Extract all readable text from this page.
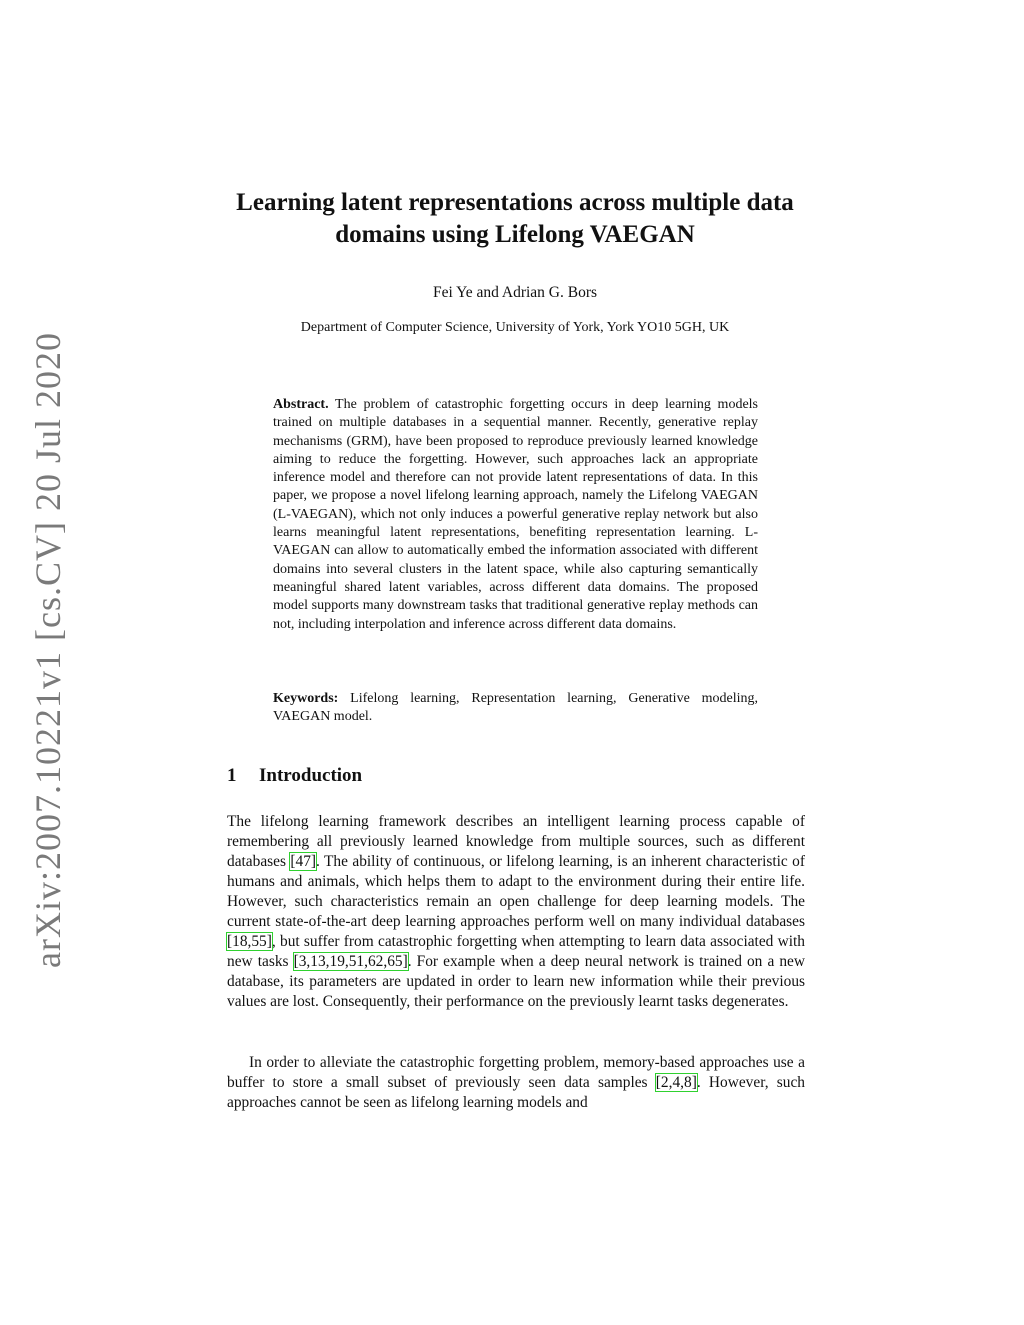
arXiv:2007.10221v1 [cs.CV] 20 Jul 2020
Learning latent representations across multiple data domains using Lifelong VAEGAN

Fei Ye and Adrian G. Bors

Department of Computer Science, University of York, York YO10 5GH, UK

Abstract. The problem of catastrophic forgetting occurs in deep learning models trained on multiple databases in a sequential manner. Recently, generative replay mechanisms (GRM), have been proposed to reproduce previously learned knowledge aiming to reduce the forgetting. However, such approaches lack an appropriate inference model and therefore can not provide latent representations of data. In this paper, we propose a novel lifelong learning approach, namely the Lifelong VAEGAN (L-VAEGAN), which not only induces a powerful generative replay network but also learns meaningful latent representations, benefiting representation learning. L-VAEGAN can allow to automatically embed the information associated with different domains into several clusters in the latent space, while also capturing semantically meaningful shared latent variables, across different data domains. The proposed model supports many downstream tasks that traditional generative replay methods can not, including interpolation and inference across different data domains.

Keywords: Lifelong learning, Representation learning, Generative modeling, VAEGAN model.

1 Introduction

The lifelong learning framework describes an intelligent learning process capable of remembering all previously learned knowledge from multiple sources, such as different databases [47]. The ability of continuous, or lifelong learning, is an inherent characteristic of humans and animals, which helps them to adapt to the environment during their entire life. However, such characteristics remain an open challenge for deep learning models. The current state-of-the-art deep learning approaches perform well on many individual databases [18,55], but suffer from catastrophic forgetting when attempting to learn data associated with new tasks [3,13,19,51,62,65]. For example when a deep neural network is trained on a new database, its parameters are updated in order to learn new information while their previous values are lost. Consequently, their performance on the previously learnt tasks degenerates.

In order to alleviate the catastrophic forgetting problem, memory-based approaches use a buffer to store a small subset of previously seen data samples [2,4,8]. However, such approaches cannot be seen as lifelong learning models and
